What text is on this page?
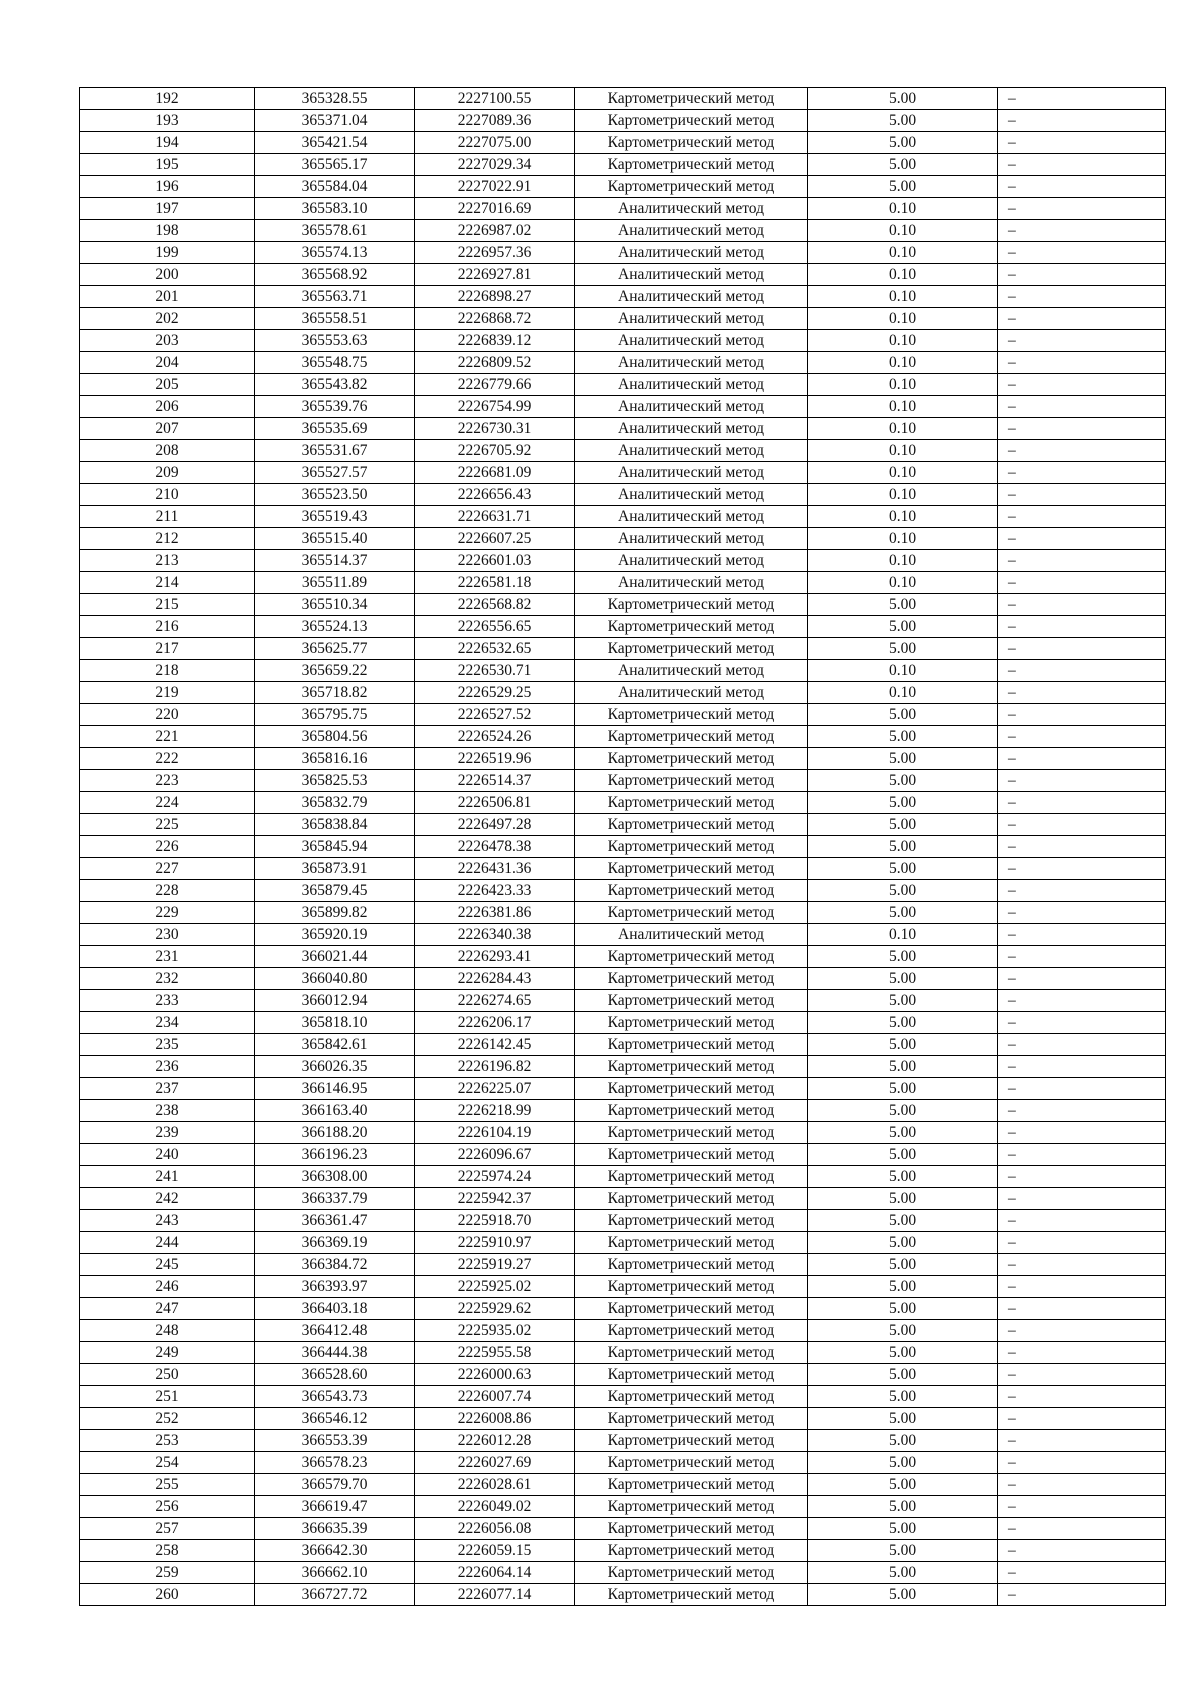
192	365328.55	2227100.55	Картометрический метод	5.00	–
193	365371.04	2227089.36	Картометрический метод	5.00	–
194	365421.54	2227075.00	Картометрический метод	5.00	–
195	365565.17	2227029.34	Картометрический метод	5.00	–
196	365584.04	2227022.91	Картометрический метод	5.00	–
197	365583.10	2227016.69	Аналитический метод	0.10	–
198	365578.61	2226987.02	Аналитический метод	0.10	–
199	365574.13	2226957.36	Аналитический метод	0.10	–
200	365568.92	2226927.81	Аналитический метод	0.10	–
201	365563.71	2226898.27	Аналитический метод	0.10	–
202	365558.51	2226868.72	Аналитический метод	0.10	–
203	365553.63	2226839.12	Аналитический метод	0.10	–
204	365548.75	2226809.52	Аналитический метод	0.10	–
205	365543.82	2226779.66	Аналитический метод	0.10	–
206	365539.76	2226754.99	Аналитический метод	0.10	–
207	365535.69	2226730.31	Аналитический метод	0.10	–
208	365531.67	2226705.92	Аналитический метод	0.10	–
209	365527.57	2226681.09	Аналитический метод	0.10	–
210	365523.50	2226656.43	Аналитический метод	0.10	–
211	365519.43	2226631.71	Аналитический метод	0.10	–
212	365515.40	2226607.25	Аналитический метод	0.10	–
213	365514.37	2226601.03	Аналитический метод	0.10	–
214	365511.89	2226581.18	Аналитический метод	0.10	–
215	365510.34	2226568.82	Картометрический метод	5.00	–
216	365524.13	2226556.65	Картометрический метод	5.00	–
217	365625.77	2226532.65	Картометрический метод	5.00	–
218	365659.22	2226530.71	Аналитический метод	0.10	–
219	365718.82	2226529.25	Аналитический метод	0.10	–
220	365795.75	2226527.52	Картометрический метод	5.00	–
221	365804.56	2226524.26	Картометрический метод	5.00	–
222	365816.16	2226519.96	Картометрический метод	5.00	–
223	365825.53	2226514.37	Картометрический метод	5.00	–
224	365832.79	2226506.81	Картометрический метод	5.00	–
225	365838.84	2226497.28	Картометрический метод	5.00	–
226	365845.94	2226478.38	Картометрический метод	5.00	–
227	365873.91	2226431.36	Картометрический метод	5.00	–
228	365879.45	2226423.33	Картометрический метод	5.00	–
229	365899.82	2226381.86	Картометрический метод	5.00	–
230	365920.19	2226340.38	Аналитический метод	0.10	–
231	366021.44	2226293.41	Картометрический метод	5.00	–
232	366040.80	2226284.43	Картометрический метод	5.00	–
233	366012.94	2226274.65	Картометрический метод	5.00	–
234	365818.10	2226206.17	Картометрический метод	5.00	–
235	365842.61	2226142.45	Картометрический метод	5.00	–
236	366026.35	2226196.82	Картометрический метод	5.00	–
237	366146.95	2226225.07	Картометрический метод	5.00	–
238	366163.40	2226218.99	Картометрический метод	5.00	–
239	366188.20	2226104.19	Картометрический метод	5.00	–
240	366196.23	2226096.67	Картометрический метод	5.00	–
241	366308.00	2225974.24	Картометрический метод	5.00	–
242	366337.79	2225942.37	Картометрический метод	5.00	–
243	366361.47	2225918.70	Картометрический метод	5.00	–
244	366369.19	2225910.97	Картометрический метод	5.00	–
245	366384.72	2225919.27	Картометрический метод	5.00	–
246	366393.97	2225925.02	Картометрический метод	5.00	–
247	366403.18	2225929.62	Картометрический метод	5.00	–
248	366412.48	2225935.02	Картометрический метод	5.00	–
249	366444.38	2225955.58	Картометрический метод	5.00	–
250	366528.60	2226000.63	Картометрический метод	5.00	–
251	366543.73	2226007.74	Картометрический метод	5.00	–
252	366546.12	2226008.86	Картометрический метод	5.00	–
253	366553.39	2226012.28	Картометрический метод	5.00	–
254	366578.23	2226027.69	Картометрический метод	5.00	–
255	366579.70	2226028.61	Картометрический метод	5.00	–
256	366619.47	2226049.02	Картометрический метод	5.00	–
257	366635.39	2226056.08	Картометрический метод	5.00	–
258	366642.30	2226059.15	Картометрический метод	5.00	–
259	366662.10	2226064.14	Картометрический метод	5.00	–
260	366727.72	2226077.14	Картометрический метод	5.00	–
